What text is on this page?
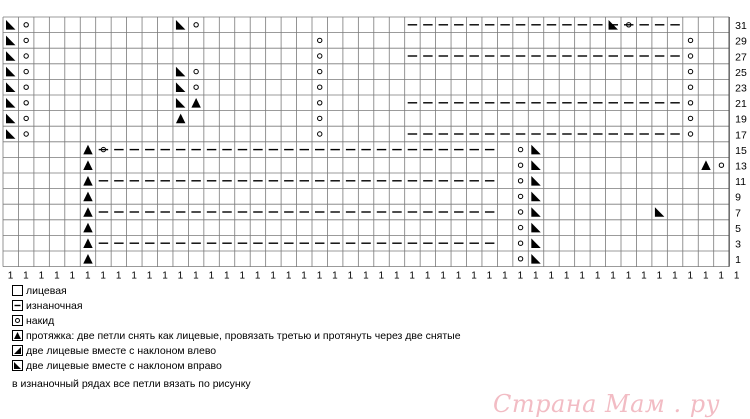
31
29
27
25
23
21
19
17
15
13
11
9
7
5
3
1
1 1 1 1 1 1 1 1 1 1 1 1 1 1 1 1 1 1 1 1 1 1 1 1 1 1 1 1 1 1 1 1 1 1 1 1 1 1 1 1 1 1 1 1 1 1 1 1
лицевая
изнаночная
накид
протяжка: две петли снять как лицевые, провязать третью и протянуть через две снятые
две лицевые вместе с наклоном влево
две лицевые вместе с наклоном вправо
в изнаночный рядах все петли вязать по рисунку
Страна Мам . ру
